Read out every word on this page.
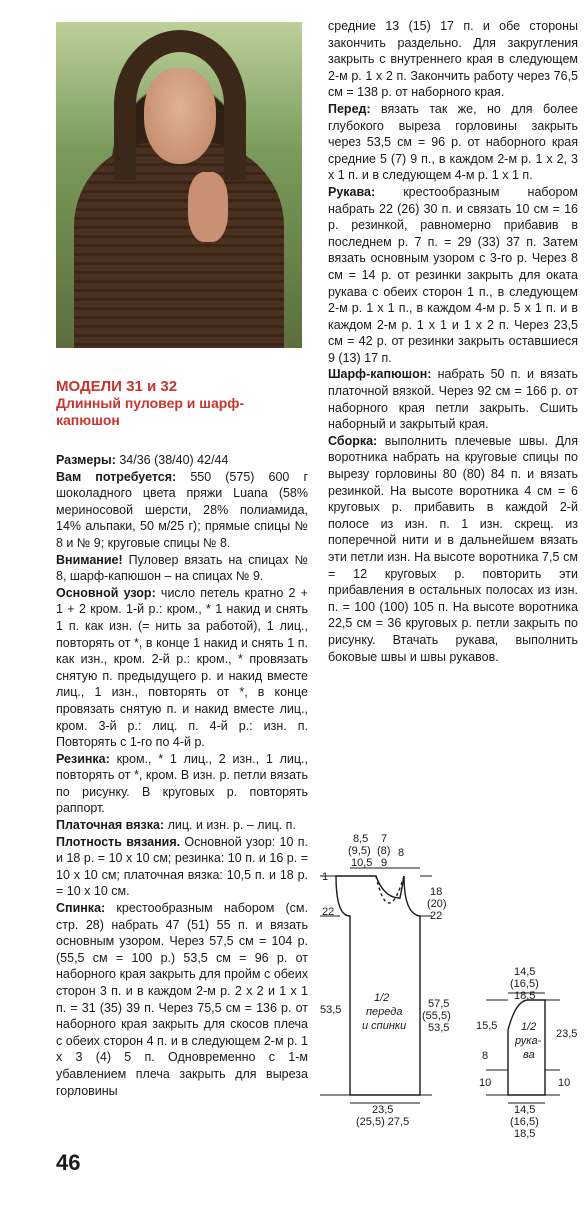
МОДЕЛИ 31 и 32
Длинный пуловер и шарф-
капюшон

Размеры: 34/36 (38/40) 42/44

Вам потребуется: 550 (575) 600 г шоколадного цвета пряжи Luana (58% мериносовой шерсти, 28% полиамида, 14% альпаки, 50 м/25 г); прямые спицы № 8 и № 9; круговые спицы № 8.

Внимание! Пуловер вязать на спицах № 8, шарф-капюшон – на спицах № 9.

Основной узор: число петель кратно 2 + 1 + 2 кром. 1-й р.: кром., * 1 накид и снять 1 п. как изн. (= нить за работой), 1 лиц., повторять от *, в конце 1 накид и снять 1 п. как изн., кром. 2-й р.: кром., * провязать снятую п. предыдущего р. и накид вместе лиц., 1 изн., повторять от *, в конце провязать снятую п. и накид вместе лиц., кром. 3-й р.: лиц. п. 4-й р.: изн. п. Повторять с 1-го по 4-й р.

Резинка: кром., * 1 лиц., 2 изн., 1 лиц., повторять от *, кром. В изн. р. петли вязать по рисунку. В круговых р. повторять раппорт.

Платочная вязка: лиц. и изн. р. – лиц. п.

Плотность вязания. Основной узор: 10 п. и 18 р. = 10 х 10 см; резинка: 10 п. и 16 р. = 10 х 10 см; платочная вязка: 10,5 п. и 18 р. = 10 х 10 см.

Спинка: крестообразным набором (см. стр. 28) набрать 47 (51) 55 п. и вязать основным узором. Через 57,5 см = 104 р. (55,5 см = 100 р.) 53,5 см = 96 р. от наборного края закрыть для пройм с обеих сторон 3 п. и в каждом 2-м р. 2 х 2 и 1 х 1 п. = 31 (35) 39 п. Через 75,5 см = 136 р. от наборного края закрыть для скосов плеча с обеих сторон 4 п. и в следующем 2-м р. 1 х 3 (4) 5 п. Одновременно с 1-м убавлением плеча закрыть для выреза горловины

средние 13 (15) 17 п. и обе стороны закончить раздельно. Для закругления закрыть с внутреннего края в следующем 2-м р. 1 х 2 п. Закончить работу через 76,5 см = 138 р. от наборного края.

Перед: вязать так же, но для более глубокого выреза горловины закрыть через 53,5 см = 96 р. от наборного края средние 5 (7) 9 п., в каждом 2-м р. 1 х 2, 3 х 1 п. и в следующем 4-м р. 1 х 1 п.

Рукава: крестообразным набором набрать 22 (26) 30 п. и связать 10 см = 16 р. резинкой, равномерно прибавив в последнем р. 7 п. = 29 (33) 37 п. Затем вязать основным узором с 3-го р. Через 8 см = 14 р. от резинки закрыть для оката рукава с обеих сторон 1 п., в следующем 2-м р. 1 х 1 п., в каждом 4-м р. 5 х 1 п. и в каждом 2-м р. 1 х 1 и 1 х 2 п. Через 23,5 см = 42 р. от резинки закрыть оставшиеся 9 (13) 17 п.

Шарф-капюшон: набрать 50 п. и вязать платочной вязкой. Через 92 см = 166 р. от наборного края петли закрыть. Сшить наборный и закрытый края.

Сборка: выполнить плечевые швы. Для воротника набрать на круговые спицы по вырезу горловины 80 (80) 84 п. и вязать резинкой. На высоте воротника 4 см = 6 круговых р. прибавить в каждой 2-й полосе из изн. п. 1 изн. скрещ. из поперечной нити и в дальнейшем вязать эти петли изн. На высоте воротника 7,5 см = 12 круговых р. повторить эти прибавления в остальных полосах из изн. п. = 100 (100) 105 п. На высоте воротника 22,5 см = 36 круговых р. петли закрыть по рисунку. Втачать рукава, выполнить боковые швы и швы рукавов.

8,5
(9,5)
10,5
7
(8)
9
8
1
22
53,5
18
(20)
22
57,5
(55,5)
53,5
1/2
переда
и спинки
23,5
(25,5) 27,5
14,5
(16,5)
18,5
15,5
8
10
23,5
10
1/2
рука-
ва
14,5
(16,5)
18,5
46
